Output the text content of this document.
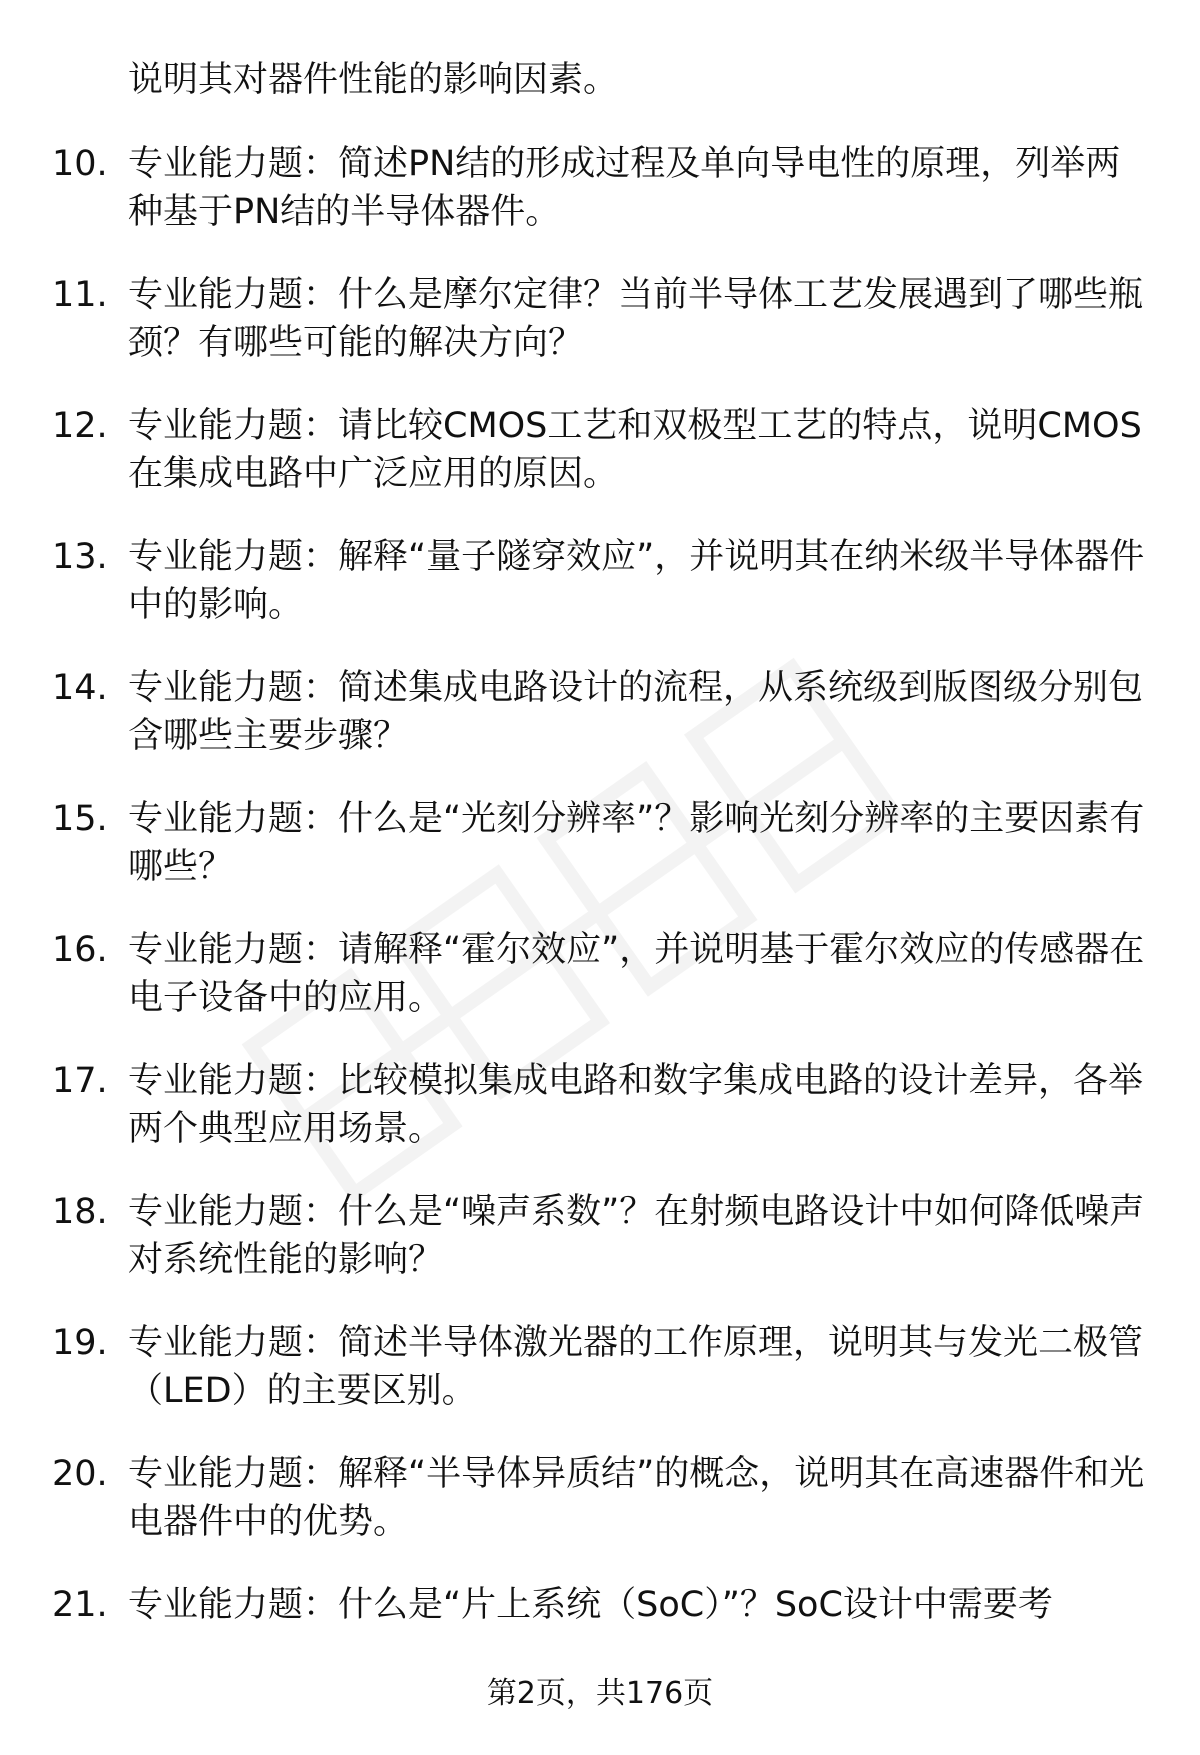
说明其对器件性能的影响因素。
10. 专业能力题：简述PN结的形成过程及单向导电性的原理，列举两种基于PN结的半导体器件。
11. 专业能力题：什么是摩尔定律？当前半导体工艺发展遇到了哪些瓶颈？有哪些可能的解决方向？
12. 专业能力题：请比较CMOS工艺和双极型工艺的特点，说明CMOS在集成电路中广泛应用的原因。
13. 专业能力题：解释“量子隧穿效应”，并说明其在纳米级半导体器件中的影响。
14. 专业能力题：简述集成电路设计的流程，从系统级到版图级分别包含哪些主要步骤？
15. 专业能力题：什么是“光刻分辨率”？影响光刻分辨率的主要因素有哪些？
16. 专业能力题：请解释“霍尔效应”，并说明基于霍尔效应的传感器在电子设备中的应用。
17. 专业能力题：比较模拟集成电路和数字集成电路的设计差异，各举两个典型应用场景。
18. 专业能力题：什么是“噪声系数”？在射频电路设计中如何降低噪声对系统性能的影响？
19. 专业能力题：简述半导体激光器的工作原理，说明其与发光二极管（LED）的主要区别。
20. 专业能力题：解释“半导体异质结”的概念，说明其在高速器件和光电器件中的优势。
21. 专业能力题：什么是“片上系统（SoC）”？SoC设计中需要考
第2页，共176页
